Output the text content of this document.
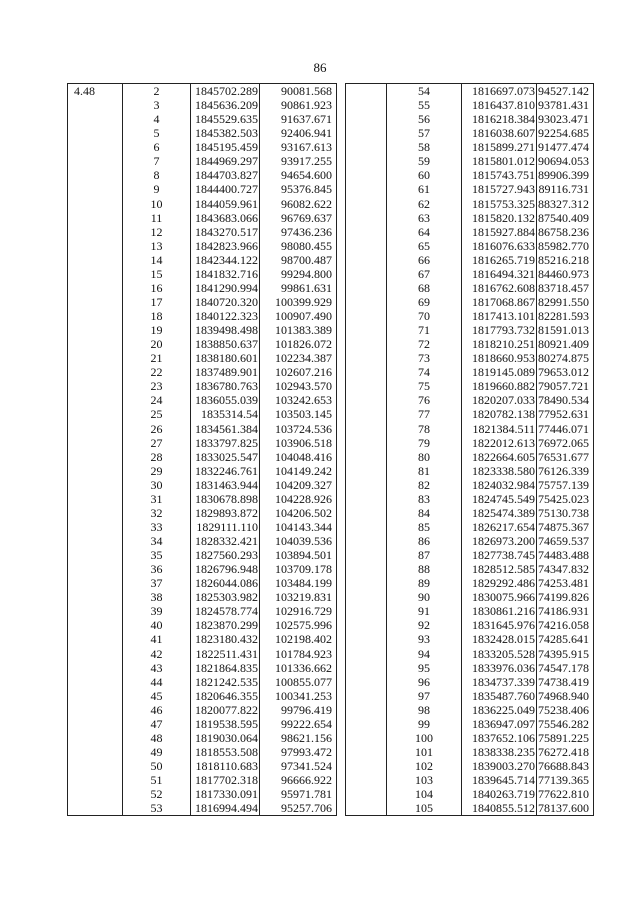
86
4.48	2	1845702.289	90081.568
	3	1845636.209	90861.923
	4	1845529.635	91637.671
	5	1845382.503	92406.941
	6	1845195.459	93167.613
	7	1844969.297	93917.255
	8	1844703.827	94654.600
	9	1844400.727	95376.845
	10	1844059.961	96082.622
	11	1843683.066	96769.637
	12	1843270.517	97436.236
	13	1842823.966	98080.455
	14	1842344.122	98700.487
	15	1841832.716	99294.800
	16	1841290.994	99861.631
	17	1840720.320	100399.929
	18	1840122.323	100907.490
	19	1839498.498	101383.389
	20	1838850.637	101826.072
	21	1838180.601	102234.387
	22	1837489.901	102607.216
	23	1836780.763	102943.570
	24	1836055.039	103242.653
	25	1835314.54	103503.145
	26	1834561.384	103724.536
	27	1833797.825	103906.518
	28	1833025.547	104048.416
	29	1832246.761	104149.242
	30	1831463.944	104209.327
	31	1830678.898	104228.926
	32	1829893.872	104206.502
	33	1829111.110	104143.344
	34	1828332.421	104039.536
	35	1827560.293	103894.501
	36	1826796.948	103709.178
	37	1826044.086	103484.199
	38	1825303.982	103219.831
	39	1824578.774	102916.729
	40	1823870.299	102575.996
	41	1823180.432	102198.402
	42	1822511.431	101784.923
	43	1821864.835	101336.662
	44	1821242.535	100855.077
	45	1820646.355	100341.253
	46	1820077.822	99796.419
	47	1819538.595	99222.654
	48	1819030.064	98621.156
	49	1818553.508	97993.472
	50	1818110.683	97341.524
	51	1817702.318	96666.922
	52	1817330.091	95971.781
	53	1816994.494	95257.706
	54	1816697.073	94527.142
	55	1816437.810	93781.431
	56	1816218.384	93023.471
	57	1816038.607	92254.685
	58	1815899.271	91477.474
	59	1815801.012	90694.053
	60	1815743.751	89906.399
	61	1815727.943	89116.731
	62	1815753.325	88327.312
	63	1815820.132	87540.409
	64	1815927.884	86758.236
	65	1816076.633	85982.770
	66	1816265.719	85216.218
	67	1816494.321	84460.973
	68	1816762.608	83718.457
	69	1817068.867	82991.550
	70	1817413.101	82281.593
	71	1817793.732	81591.013
	72	1818210.251	80921.409
	73	1818660.953	80274.875
	74	1819145.089	79653.012
	75	1819660.882	79057.721
	76	1820207.033	78490.534
	77	1820782.138	77952.631
	78	1821384.511	77446.071
	79	1822012.613	76972.065
	80	1822664.605	76531.677
	81	1823338.580	76126.339
	82	1824032.984	75757.139
	83	1824745.549	75425.023
	84	1825474.389	75130.738
	85	1826217.654	74875.367
	86	1826973.200	74659.537
	87	1827738.745	74483.488
	88	1828512.585	74347.832
	89	1829292.486	74253.481
	90	1830075.966	74199.826
	91	1830861.216	74186.931
	92	1831645.976	74216.058
	93	1832428.015	74285.641
	94	1833205.528	74395.915
	95	1833976.036	74547.178
	96	1834737.339	74738.419
	97	1835487.760	74968.940
	98	1836225.049	75238.406
	99	1836947.097	75546.282
	100	1837652.106	75891.225
	101	1838338.235	76272.418
	102	1839003.270	76688.843
	103	1839645.714	77139.365
	104	1840263.719	77622.810
	105	1840855.512	78137.600
